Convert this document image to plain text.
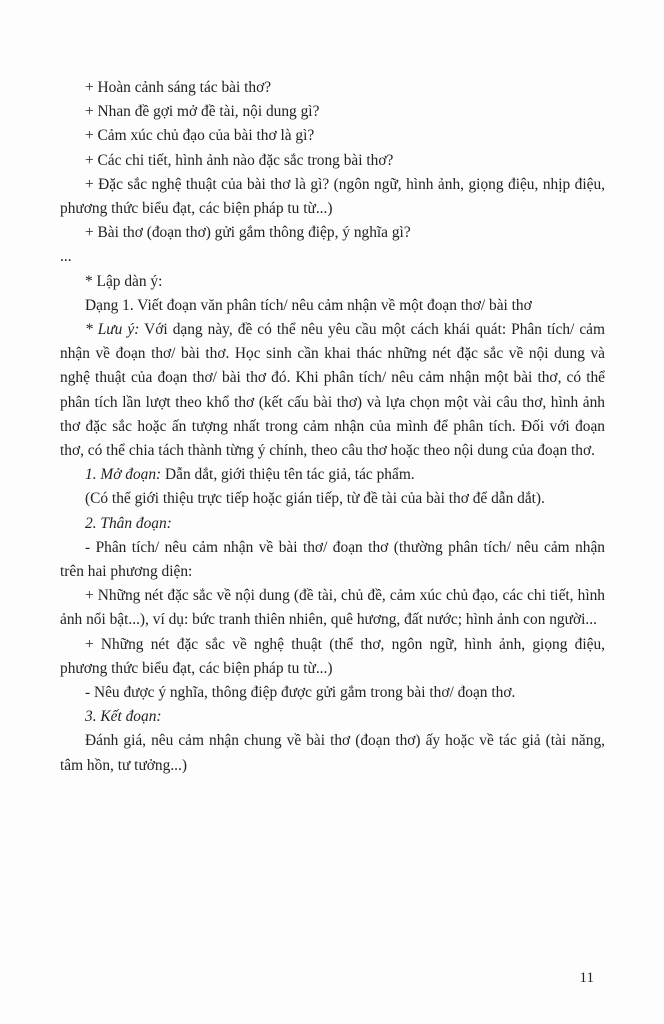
+ Hoàn cảnh sáng tác bài thơ?

+ Nhan đề gợi mở đề tài, nội dung gì?

+ Cảm xúc chủ đạo của bài thơ là gì?

+ Các chi tiết, hình ảnh nào đặc sắc trong bài thơ?

+ Đặc sắc nghệ thuật của bài thơ là gì? (ngôn ngữ, hình ảnh, giọng điệu, nhịp điệu, phương thức biểu đạt, các biện pháp tu từ...)

+ Bài thơ (đoạn thơ) gửi gắm thông điệp, ý nghĩa gì?

...

* Lập dàn ý:

Dạng 1. Viết đoạn văn phân tích/ nêu cảm nhận về một đoạn thơ/ bài thơ

* Lưu ý: Với dạng này, đề có thể nêu yêu cầu một cách khái quát: Phân tích/ cảm nhận về đoạn thơ/ bài thơ. Học sinh cần khai thác những nét đặc sắc về nội dung và nghệ thuật của đoạn thơ/ bài thơ đó. Khi phân tích/ nêu cảm nhận một bài thơ, có thể phân tích lần lượt theo khổ thơ (kết cấu bài thơ) và lựa chọn một vài câu thơ, hình ảnh thơ đặc sắc hoặc ấn tượng nhất trong cảm nhận của mình để phân tích. Đối với đoạn thơ, có thể chia tách thành từng ý chính, theo câu thơ hoặc theo nội dung của đoạn thơ.

1. Mở đoạn: Dẫn dắt, giới thiệu tên tác giả, tác phẩm.

(Có thể giới thiệu trực tiếp hoặc gián tiếp, từ đề tài của bài thơ để dẫn dắt).

2. Thân đoạn:

- Phân tích/ nêu cảm nhận về bài thơ/ đoạn thơ (thường phân tích/ nêu cảm nhận trên hai phương diện:

+ Những nét đặc sắc về nội dung (đề tài, chủ đề, cảm xúc chủ đạo, các chi tiết, hình ảnh nổi bật...), ví dụ: bức tranh thiên nhiên, quê hương, đất nước; hình ảnh con người...

+ Những nét đặc sắc về nghệ thuật (thể thơ, ngôn ngữ, hình ảnh, giọng điệu, phương thức biểu đạt, các biện pháp tu từ...)

- Nêu được ý nghĩa, thông điệp được gửi gắm trong bài thơ/ đoạn thơ.

3. Kết đoạn:

Đánh giá, nêu cảm nhận chung về bài thơ (đoạn thơ) ấy hoặc về tác giả (tài năng, tâm hồn, tư tưởng...)

11
